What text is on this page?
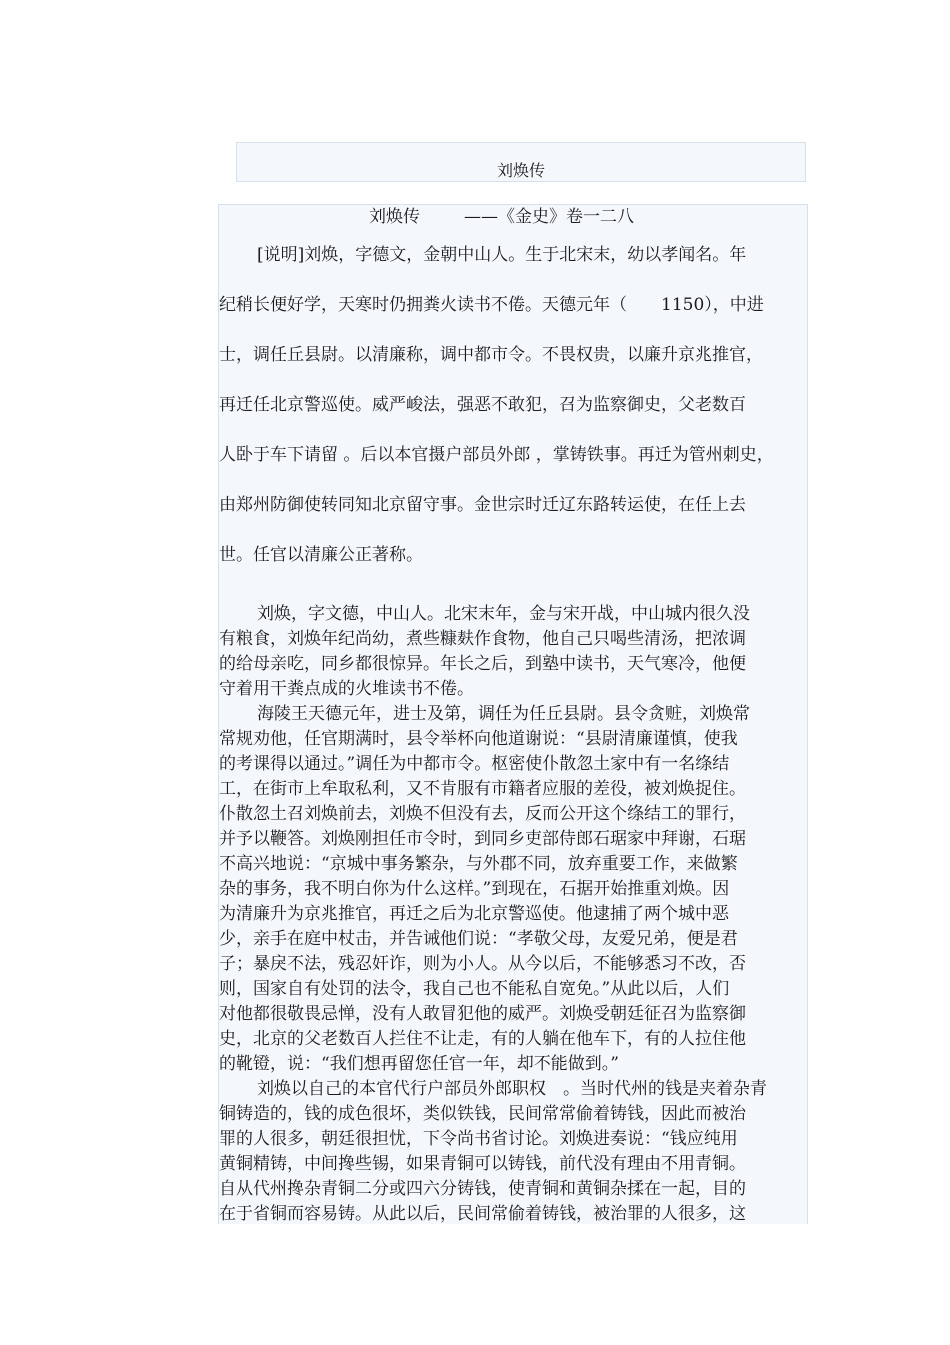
刘焕传
刘焕传	——《金史》卷一二八
[说明]刘焕，字德文，金朝中山人。生于北宋末，幼以孝闻名。年
纪稍长便好学，天寒时仍拥粪火读书不倦。天德元年（　　1150），中进
士，调任丘县尉。以清廉称，调中都市令。不畏权贵，以廉升京兆推官，
再迁任北京警巡使。威严峻法，强恶不敢犯，召为监察御史，父老数百
人卧于车下请留 。后以本官摄户部员外郎 ，掌铸铁事。再迁为管州刺史，
由郑州防御使转同知北京留守事。金世宗时迁辽东路转运使，在任上去
世。任官以清廉公正著称。
刘焕，字文德，中山人。北宋末年，金与宋开战，中山城内很久没
有粮食，刘焕年纪尚幼，煮些糠麸作食物，他自己只喝些清汤，把浓调
的给母亲吃，同乡都很惊异。年长之后，到塾中读书，天气寒冷，他便
守着用干粪点成的火堆读书不倦。
海陵王天德元年，进士及第，调任为任丘县尉。县令贪赃，刘焕常
常规劝他，任官期满时，县令举杯向他道谢说：“县尉清廉谨慎，使我
的考课得以通过。”调任为中都市令。枢密使仆散忽土家中有一名绦结
工，在街市上牟取私利，又不肯服有市籍者应服的差役，被刘焕捉住。
仆散忽土召刘焕前去，刘焕不但没有去，反而公开这个绦结工的罪行，
并予以鞭答。刘焕刚担任市令时，到同乡吏部侍郎石琚家中拜谢，石琚
不高兴地说：“京城中事务繁杂，与外郡不同，放弃重要工作，来做繁
杂的事务，我不明白你为什么这样。”到现在，石据开始推重刘焕。因
为清廉升为京兆推官，再迁之后为北京警巡使。他逮捕了两个城中恶
少，亲手在庭中杖击，并告诫他们说：“孝敬父母，友爱兄弟，便是君
子；暴戾不法，残忍奸诈，则为小人。从今以后，不能够悉习不改，否
则，国家自有处罚的法令，我自己也不能私自宽免。”从此以后，人们
对他都很敬畏忌惮，没有人敢冒犯他的威严。刘焕受朝廷征召为监察御
史，北京的父老数百人拦住不让走，有的人躺在他车下，有的人拉住他
的靴镫，说：“我们想再留您任官一年，却不能做到。”
刘焕以自己的本官代行户部员外郎职权　。当时代州的钱是夹着杂青
铜铸造的，钱的成色很坏，类似铁钱，民间常常偷着铸钱，因此而被治
罪的人很多，朝廷很担忧，下令尚书省讨论。刘焕进奏说：“钱应纯用
黄铜精铸，中间搀些锡，如果青铜可以铸钱，前代没有理由不用青铜。
自从代州搀杂青铜二分或四六分铸钱，使青铜和黄铜杂揉在一起，目的
在于省铜而容易铸。从此以后，民间常偷着铸钱，被治罪的人很多，这
